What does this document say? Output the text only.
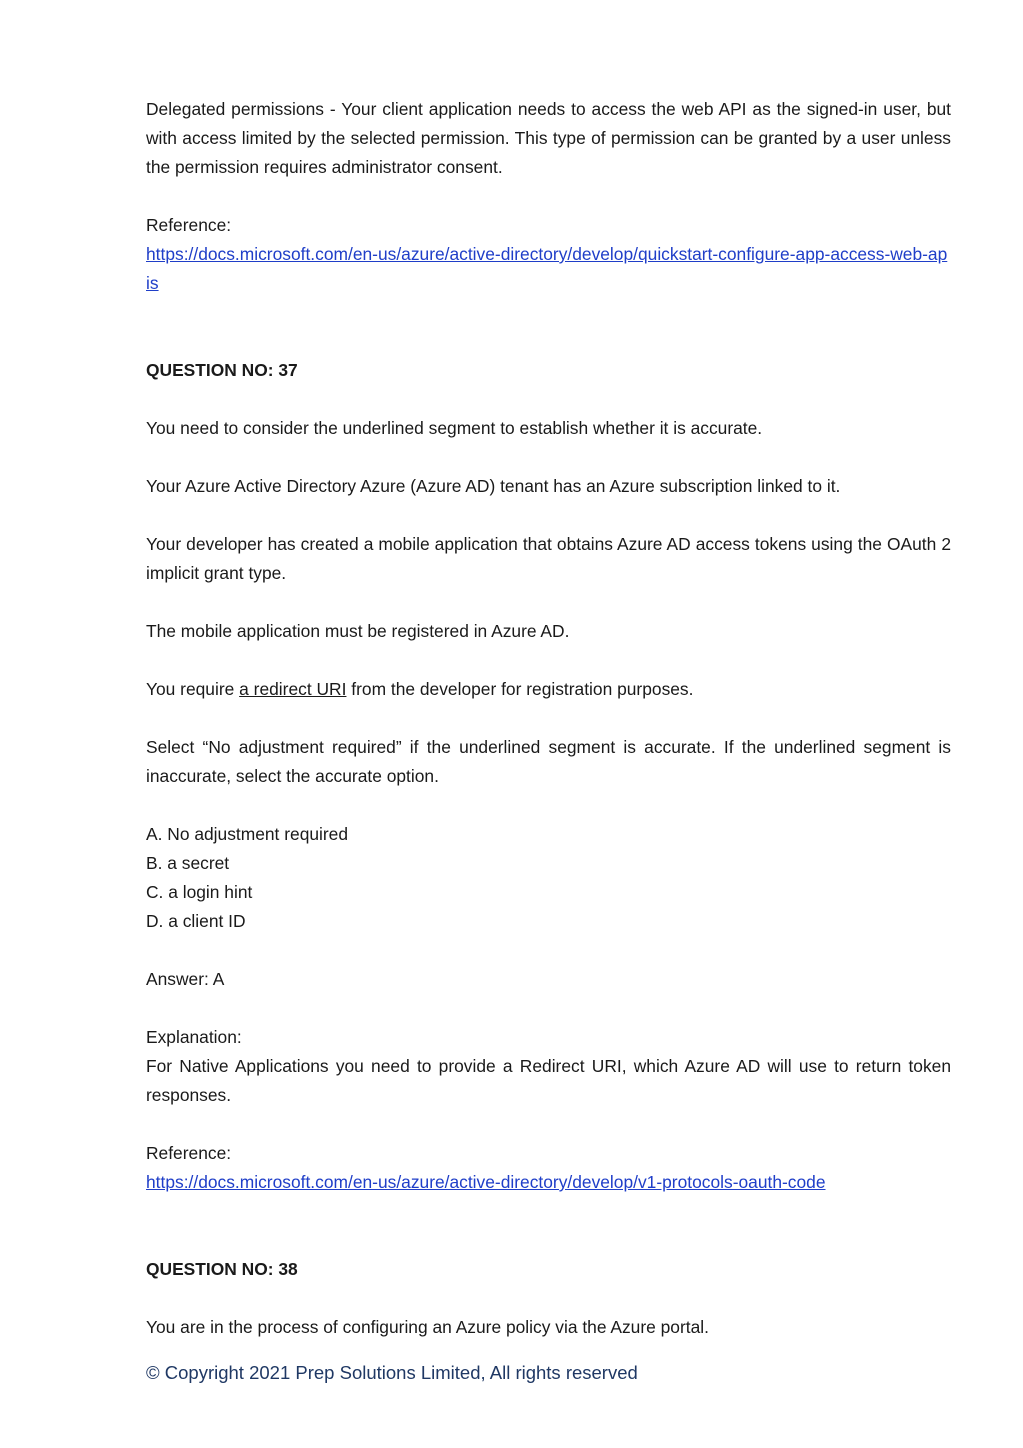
Delegated permissions - Your client application needs to access the web API as the signed-in user, but with access limited by the selected permission. This type of permission can be granted by a user unless the permission requires administrator consent.

Reference:

https://docs.microsoft.com/en-us/azure/active-directory/develop/quickstart-configure-app-access-web-apis

QUESTION NO: 37

You need to consider the underlined segment to establish whether it is accurate.

Your Azure Active Directory Azure (Azure AD) tenant has an Azure subscription linked to it.

Your developer has created a mobile application that obtains Azure AD access tokens using the OAuth 2 implicit grant type.

The mobile application must be registered in Azure AD.

You require a redirect URI from the developer for registration purposes.

Select “No adjustment required” if the underlined segment is accurate. If the underlined segment is inaccurate, select the accurate option.

A. No adjustment required

B. a secret

C. a login hint

D. a client ID

Answer: A

Explanation:

For Native Applications you need to provide a Redirect URI, which Azure AD will use to return token responses.

Reference:

https://docs.microsoft.com/en-us/azure/active-directory/develop/v1-protocols-oauth-code

QUESTION NO: 38

You are in the process of configuring an Azure policy via the Azure portal.

© Copyright 2021 Prep Solutions Limited, All rights reserved
